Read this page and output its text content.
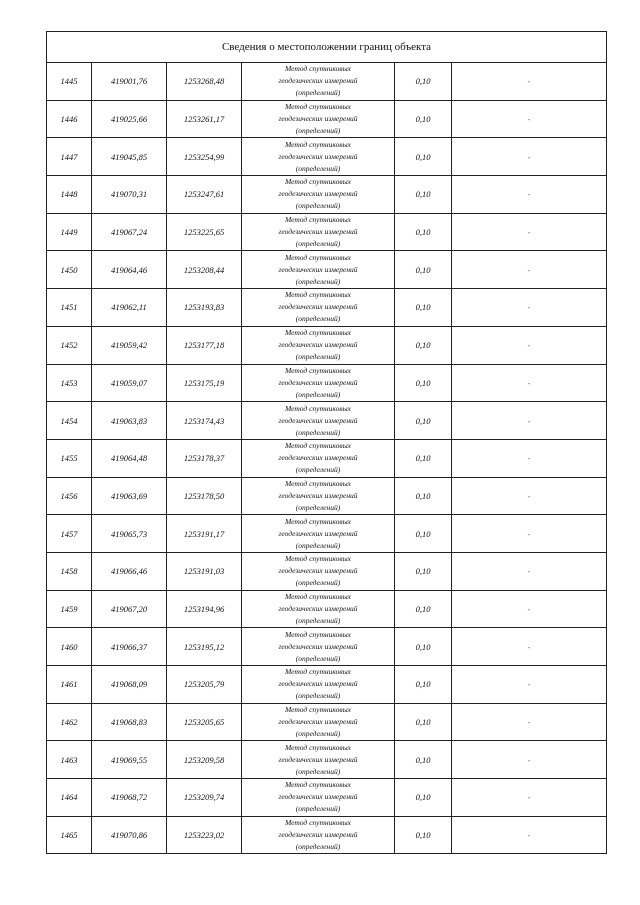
Сведения о местоположении границ объекта					
1445	419001,76	1253268,48	Метод спутниковых
геодезических измерений
(определений)	0,10	-
1446	419025,66	1253261,17	Метод спутниковых
геодезических измерений
(определений)	0,10	-
1447	419045,85	1253254,99	Метод спутниковых
геодезических измерений
(определений)	0,10	-
1448	419070,31	1253247,61	Метод спутниковых
геодезических измерений
(определений)	0,10	-
1449	419067,24	1253225,65	Метод спутниковых
геодезических измерений
(определений)	0,10	-
1450	419064,46	1253208,44	Метод спутниковых
геодезических измерений
(определений)	0,10	-
1451	419062,11	1253193,83	Метод спутниковых
геодезических измерений
(определений)	0,10	-
1452	419059,42	1253177,18	Метод спутниковых
геодезических измерений
(определений)	0,10	-
1453	419059,07	1253175,19	Метод спутниковых
геодезических измерений
(определений)	0,10	-
1454	419063,83	1253174,43	Метод спутниковых
геодезических измерений
(определений)	0,10	-
1455	419064,48	1253178,37	Метод спутниковых
геодезических измерений
(определений)	0,10	-
1456	419063,69	1253178,50	Метод спутниковых
геодезических измерений
(определений)	0,10	-
1457	419065,73	1253191,17	Метод спутниковых
геодезических измерений
(определений)	0,10	-
1458	419066,46	1253191,03	Метод спутниковых
геодезических измерений
(определений)	0,10	-
1459	419067,20	1253194,96	Метод спутниковых
геодезических измерений
(определений)	0,10	-
1460	419066,37	1253195,12	Метод спутниковых
геодезических измерений
(определений)	0,10	-
1461	419068,09	1253205,79	Метод спутниковых
геодезических измерений
(определений)	0,10	-
1462	419068,83	1253205,65	Метод спутниковых
геодезических измерений
(определений)	0,10	-
1463	419069,55	1253209,58	Метод спутниковых
геодезических измерений
(определений)	0,10	-
1464	419068,72	1253209,74	Метод спутниковых
геодезических измерений
(определений)	0,10	-
1465	419070,86	1253223,02	Метод спутниковых
геодезических измерений
(определений)	0,10	-
